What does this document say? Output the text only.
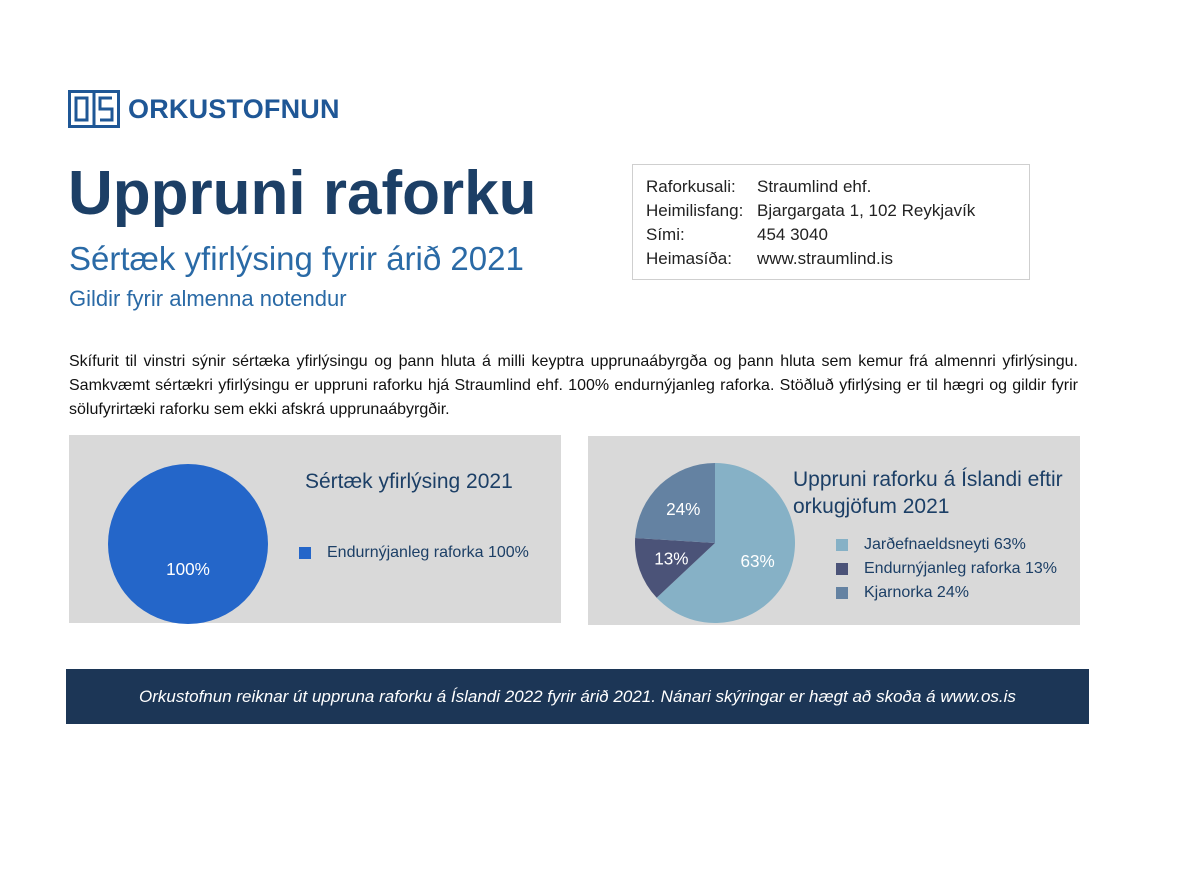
ORKUSTOFNUN
Uppruni raforku
Sértæk yfirlýsing fyrir árið 2021
Gildir fyrir almenna notendur
Raforkusali:	Straumlind ehf.
Heimilisfang: Bjargargata 1, 102 Reykjavík
Sími:	454 3040
Heimasíða:	www.straumlind.is
Skífurit til vinstri sýnir sértæka yfirlýsingu og þann hluta á milli keyptra upprunaábyrgða og þann hluta sem kemur frá almennri yfirlýsingu. Samkvæmt sértækri yfirlýsingu er uppruni raforku hjá Straumlind ehf. 100% endurnýjanleg raforka. Stöðluð yfirlýsing er til hægri og gildir fyrir sölufyrirtæki raforku sem ekki afskrá upprunaábyrgðir.
100%
Sértæk yfirlýsing 2021
Endurnýjanleg raforka 100%	63%
13%
24%
Uppruni raforku á Íslandi eftir
orkugjöfum 2021
Jarðefnaeldsneyti 63%
Endurnýjanleg raforka 13%
Kjarnorka 24%
Orkustofnun reiknar út uppruna raforku á Íslandi 2022 fyrir árið 2021. Nánari skýringar er hægt að skoða á www.os.is
